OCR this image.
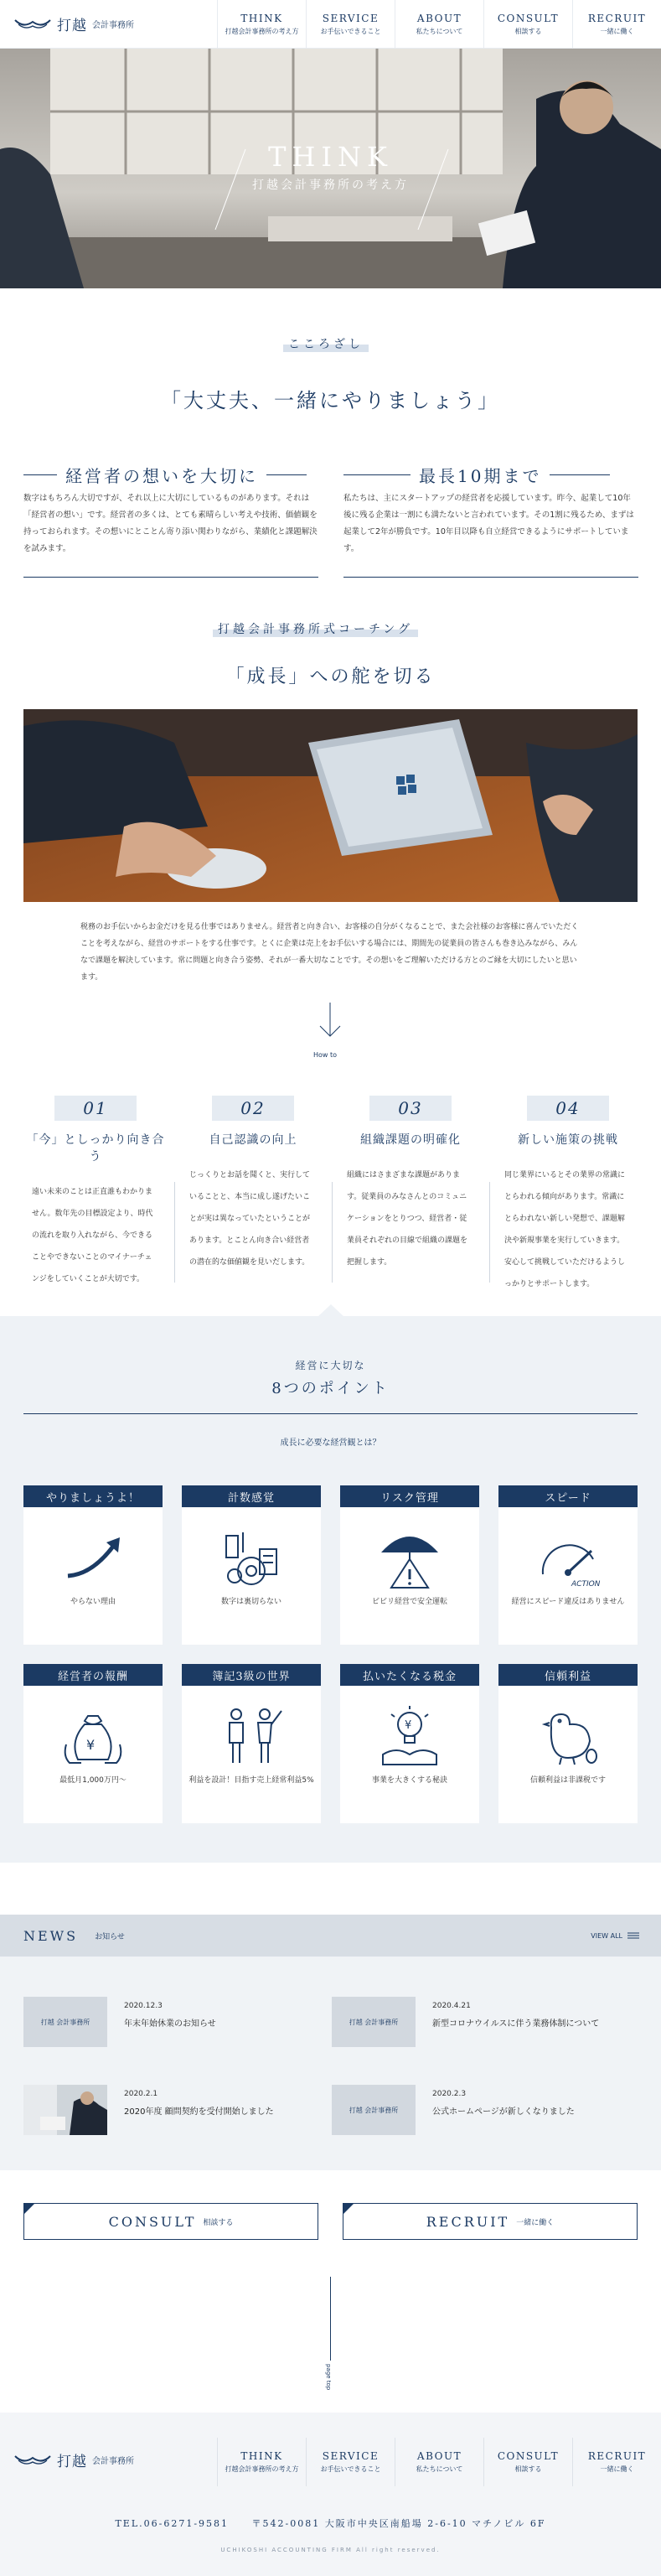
打越 会計事務所
THINK
打越会計事務所の考え方
SERVICE
お手伝いできること
ABOUT
私たちについて
CONSULT
相談する
RECRUIT
一緒に働く
THINK
打越会計事務所の考え方
こころざし
「大丈夫、一緒にやりましょう」
経営者の想いを大切に

数字はもちろん大切ですが、それ以上に大切にしているものがあります。それは「経営者の想い」です。経営者の多くは、とても素晴らしい考えや技術、価値観を持っておられます。その想いにとことん寄り添い関わりながら、業績化と課題解決を試みます。

最長10期まで

私たちは、主にスタートアップの経営者を応援しています。昨今、起業して10年後に残る企業は一割にも満たないと言われています。その1割に残るため、まずは起業して2年が勝負です。10年目以降も自立経営できるようにサポートしています。

打越会計事務所式コーチング
「成長」への舵を切る

税務のお手伝いからお金だけを見る仕事ではありません。経営者と向き合い、お客様の自分がくなることで、また会社様のお客様に喜んでいただくことを考えながら、経営のサポートをする仕事です。とくに企業は売上をお手伝いする場合には、期間先の従業員の皆さんも巻き込みながら、みんなで課題を解決しています。常に問題と向き合う姿勢、それが一番大切なことです。その想いをご理解いただける方とのご縁を大切にしたいと思います。

How to
01
「今」としっかり向き合う
遠い未来のことは正直誰もわかりません。数年先の目標設定より、時代の流れを取り入れながら、今できることやできないことのマイナーチェンジをしていくことが大切です。
02
自己認識の向上
じっくりとお話を聞くと、実行していることと、本当に成し遂げたいことが実は異なっていたということがあります。とことん向き合い経営者の潜在的な価値観を見いだします。
03
組織課題の明確化
組織にはさまざまな課題があります。従業員のみなさんとのコミュニケーションをとりつつ、経営者・従業員それぞれの目線で組織の課題を把握します。
04
新しい施策の挑戦
同じ業界にいるとその業界の常識にとらわれる傾向があります。常識にとらわれない新しい発想で、課題解決や新規事業を実行していきます。安心して挑戦していただけるようしっかりとサポートします。
経営に大切な
8つのポイント
成長に必要な経営観とは？
やりましょうよ！
やらない理由
計数感覚
数字は裏切らない
リスク管理
ビビリ経営で安全運転
スピード
ACTION
経営にスピード違反はありません
経営者の報酬
¥
最低月1,000万円〜
簿記3級の世界
利益を設計！目指す売上経常利益5%
払いたくなる税金
¥
事業を大きくする秘訣
信頼利益
信頼利益は非課税です
NEWS お知らせ	VIEW ALL
打越 会計事務所
2020.12.3
年末年始休業のお知らせ	打越 会計事務所
2020.4.21
新型コロナウイルスに伴う業務体制について
2020.2.1
2020年度 顧問契約を受付開始しました	打越 会計事務所
2020.2.3
公式ホームページが新しくなりました
CONSULT 相談する	RECRUIT 一緒に働く
page top
打越 会計事務所	THINK
打越会計事務所の考え方
SERVICE
お手伝いできること
ABOUT
私たちについて
CONSULT
相談する
RECRUIT
一緒に働く
TEL.06-6271-9581	〒542-0081 大阪市中央区南船場 2-6-10 マチノビル 6F
UCHIKOSHI ACCOUNTING FIRM All right reserved.
